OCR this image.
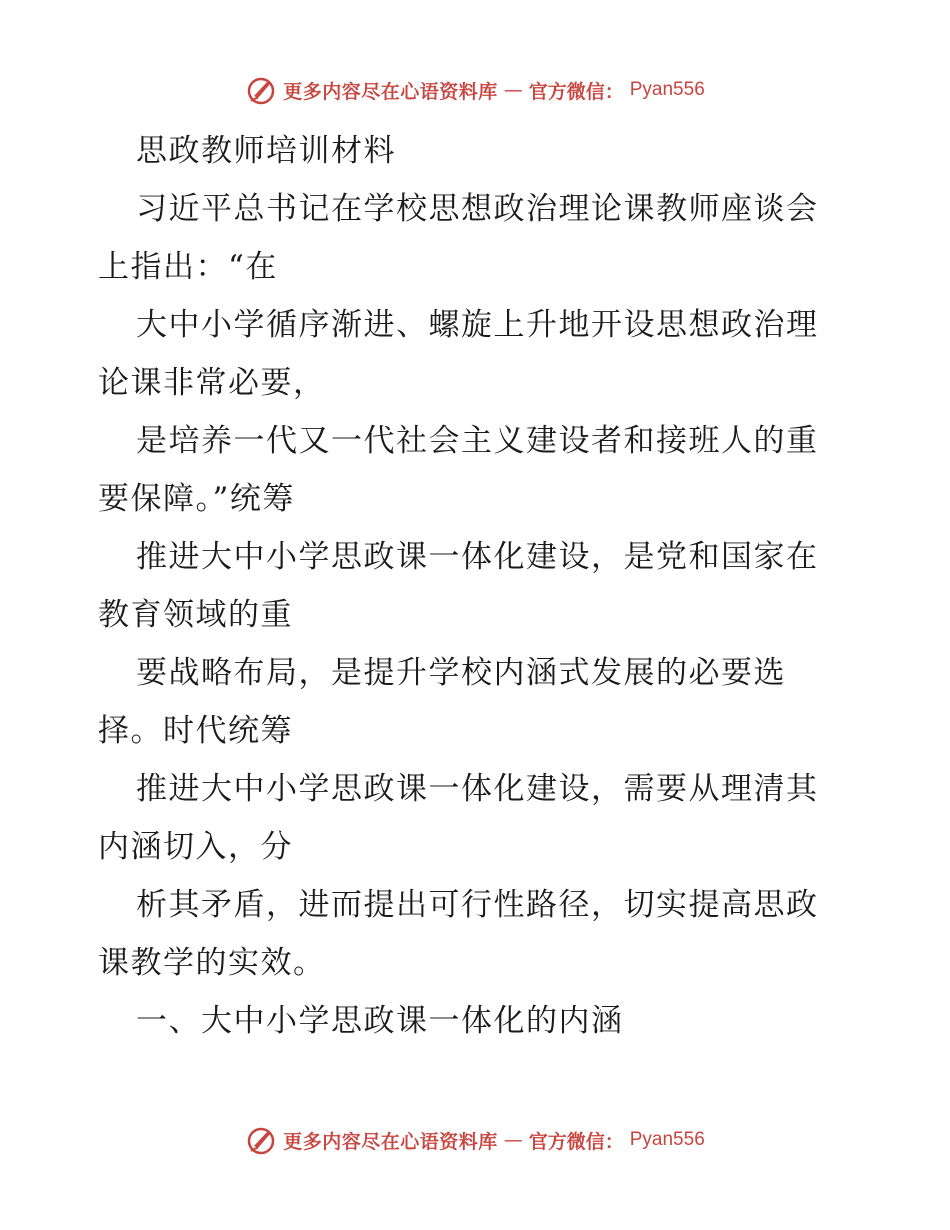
更多内容尽在心语资料库 — 官方微信： Pyan556
思政教师培训材料
习近平总书记在学校思想政治理论课教师座谈会
上指出：“在
大中小学循序渐进、螺旋上升地开设思想政治理
论课非常必要，
是培养一代又一代社会主义建设者和接班人的重
要保障。”统筹
推进大中小学思政课一体化建设，是党和国家在
教育领域的重
要战略布局，是提升学校内涵式发展的必要选
择。时代统筹
推进大中小学思政课一体化建设，需要从理清其
内涵切入，分
析其矛盾，进而提出可行性路径，切实提高思政
课教学的实效。
一、大中小学思政课一体化的内涵
更多内容尽在心语资料库 — 官方微信： Pyan556
